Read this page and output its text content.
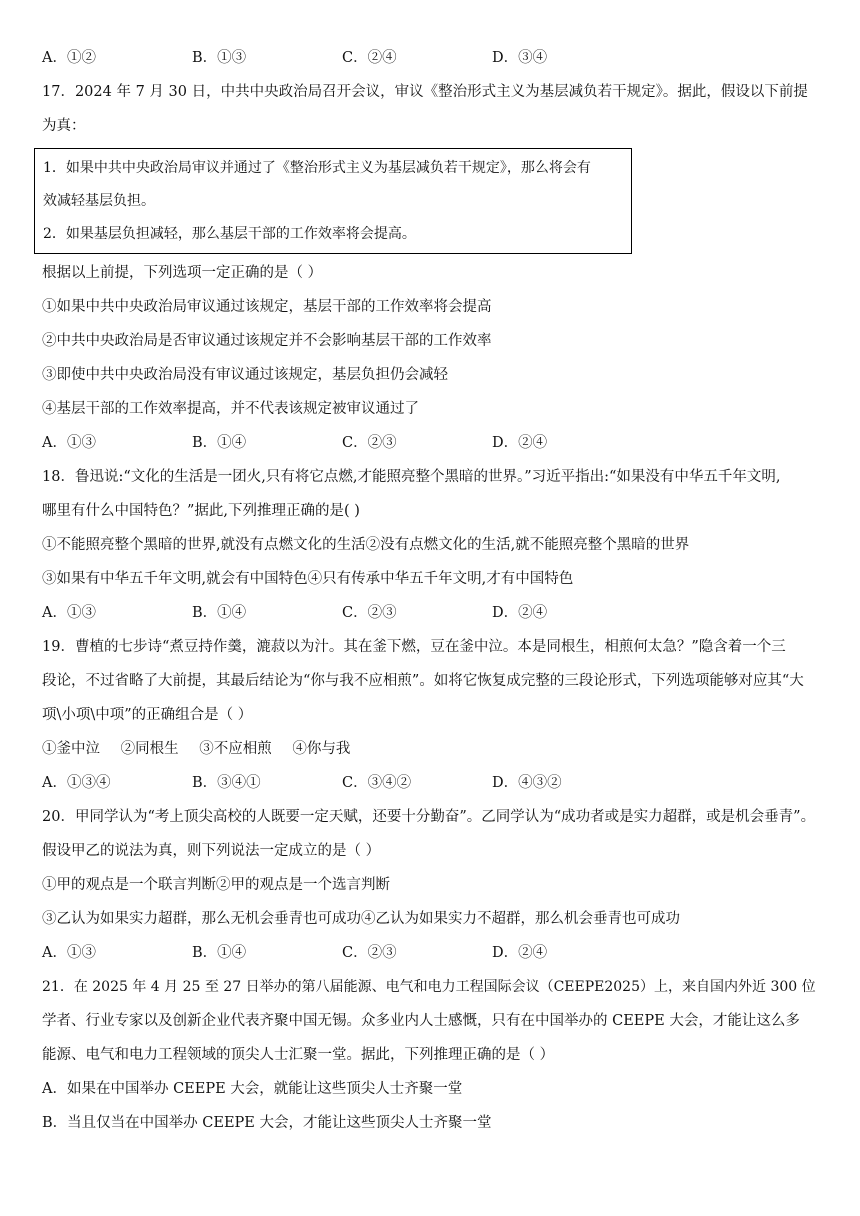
A．①②	B．①③	C．②④	D．③④
17．2024 年 7 月 30 日，中共中央政治局召开会议，审议《整治形式主义为基层减负若干规定》。据此，假设以下前提
为真：
1．如果中共中央政治局审议并通过了《整治形式主义为基层减负若干规定》，那么将会有
效减轻基层负担。
2．如果基层负担减轻，那么基层干部的工作效率将会提高。
根据以上前提，下列选项一定正确的是（ ）
①如果中共中央政治局审议通过该规定，基层干部的工作效率将会提高
②中共中央政治局是否审议通过该规定并不会影响基层干部的工作效率
③即使中共中央政治局没有审议通过该规定，基层负担仍会减轻
④基层干部的工作效率提高，并不代表该规定被审议通过了
A．①③	B．①④	C．②③	D．②④
18．鲁迅说:“文化的生活是一团火,只有将它点燃,才能照亮整个黑暗的世界。”习近平指出:“如果没有中华五千年文明,
哪里有什么中国特色？”据此,下列推理正确的是( )
①不能照亮整个黑暗的世界,就没有点燃文化的生活②没有点燃文化的生活,就不能照亮整个黑暗的世界
③如果有中华五千年文明,就会有中国特色④只有传承中华五千年文明,才有中国特色
A．①③	B．①④	C．②③	D．②④
19．曹植的七步诗“煮豆持作羹，漉菽以为汁。其在釜下燃，豆在釜中泣。本是同根生，相煎何太急？”隐含着一个三
段论，不过省略了大前提，其最后结论为“你与我不应相煎”。如将它恢复成完整的三段论形式，下列选项能够对应其“大
项\小项\中项”的正确组合是（ ）
①釜中泣 ②同根生 ③不应相煎 ④你与我
A．①③④	B．③④①	C．③④②	D．④③②
20．甲同学认为“考上顶尖高校的人既要一定天赋，还要十分勤奋”。乙同学认为“成功者或是实力超群，或是机会垂青”。
假设甲乙的说法为真，则下列说法一定成立的是（ ）
①甲的观点是一个联言判断②甲的观点是一个选言判断
③乙认为如果实力超群，那么无机会垂青也可成功④乙认为如果实力不超群，那么机会垂青也可成功
A．①③	B．①④	C．②③	D．②④
21．在 2025 年 4 月 25 至 27 日举办的第八届能源、电气和电力工程国际会议（CEEPE2025）上，来自国内外近 300 位
学者、行业专家以及创新企业代表齐聚中国无锡。众多业内人士感慨，只有在中国举办的 CEEPE 大会，才能让这么多
能源、电气和电力工程领域的顶尖人士汇聚一堂。据此，下列推理正确的是（ ）
A．如果在中国举办 CEEPE 大会，就能让这些顶尖人士齐聚一堂
B．当且仅当在中国举办 CEEPE 大会，才能让这些顶尖人士齐聚一堂
